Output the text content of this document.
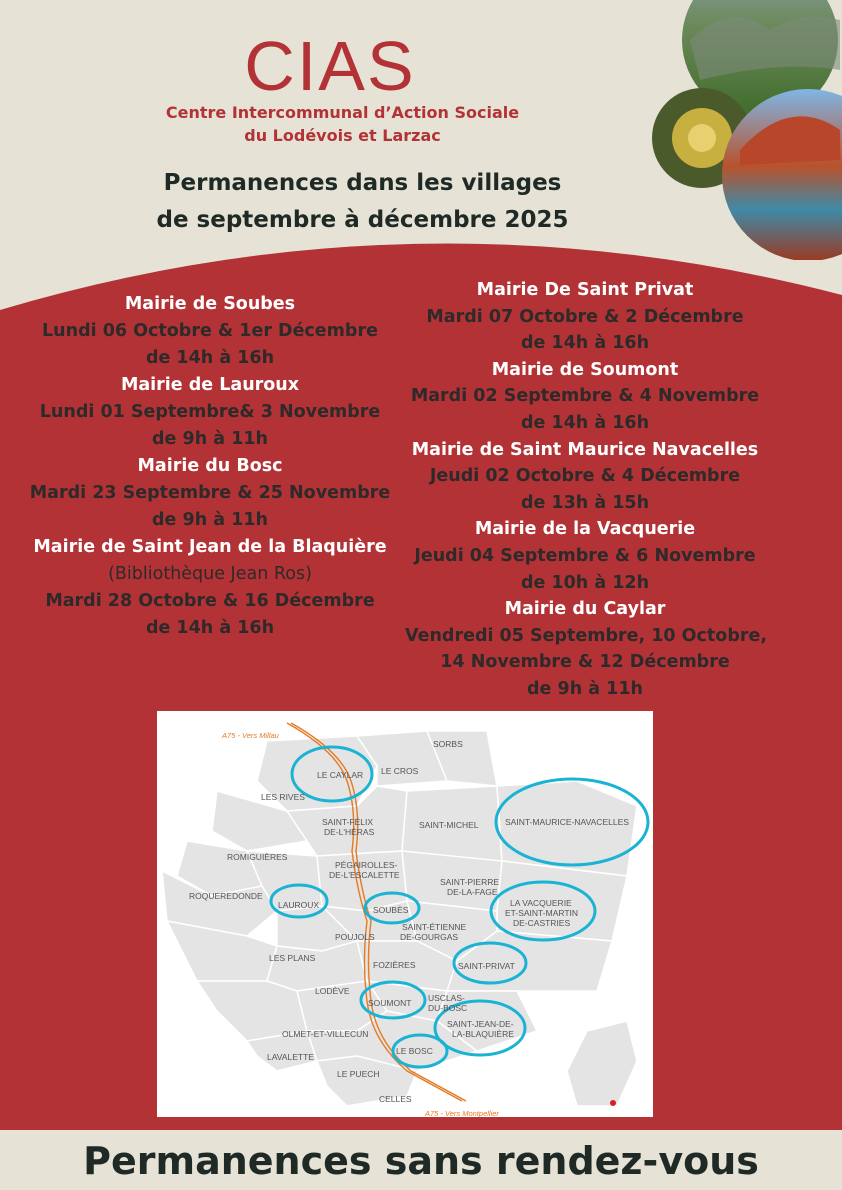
CIAS
Centre Intercommunal d’Action Sociale
du Lodévois et Larzac
Permanences dans les villages
de septembre à décembre 2025
Mairie de Soubes
Lundi 06 Octobre & 1er Décembre
de 14h à 16h
Mairie de Lauroux
Lundi 01 Septembre& 3 Novembre
de 9h à 11h
Mairie du Bosc
Mardi 23 Septembre & 25 Novembre
de 9h à 11h
Mairie de Saint Jean de la Blaquière
(Bibliothèque Jean Ros)
Mardi 28 Octobre & 16 Décembre
de 14h à 16h
Mairie De Saint Privat
Mardi 07 Octobre & 2 Décembre
de 14h à 16h
Mairie de Soumont
Mardi 02 Septembre & 4 Novembre
de 14h à 16h
Mairie de Saint Maurice Navacelles
Jeudi 02 Octobre & 4 Décembre
de 13h à 15h
Mairie de la Vacquerie
Jeudi 04 Septembre & 6 Novembre
de 10h à 12h
Mairie du Caylar
Vendredi 05 Septembre, 10 Octobre,
14 Novembre & 12 Décembre
de 9h à 11h
A75 - Vers Millau
A75 - Vers Montpellier
SORBS
LE CROS
LE CAYLAR
LES RIVES
SAINT-FÉLIX
DE-L'HÉRAS
SAINT-MICHEL	SAINT-MAURICE-NAVACELLES
ROMIGUIÈRES
PÉGAIROLLES-
DE-L'ESCALETTE
SAINT-PIERRE
DE-LA-FAGE
ROQUEREDONDE
LAUROUX	SOUBÈS
LA VACQUERIE
ET-SAINT-MARTIN
DE-CASTRIES
POUJOLS
SAINT-ÉTIENNE
DE-GOURGAS
LES PLANS
FOZIÈRES	SAINT-PRIVAT
LODÈVE
SOUMONT USCLAS-
DU-BOSC
SAINT-JEAN-DE-
LA-BLAQUIÈRE
OLMET-ET-VILLECUN
LE BOSC
LAVALETTE
LE PUECH
CELLES
Permanences sans rendez-vous
